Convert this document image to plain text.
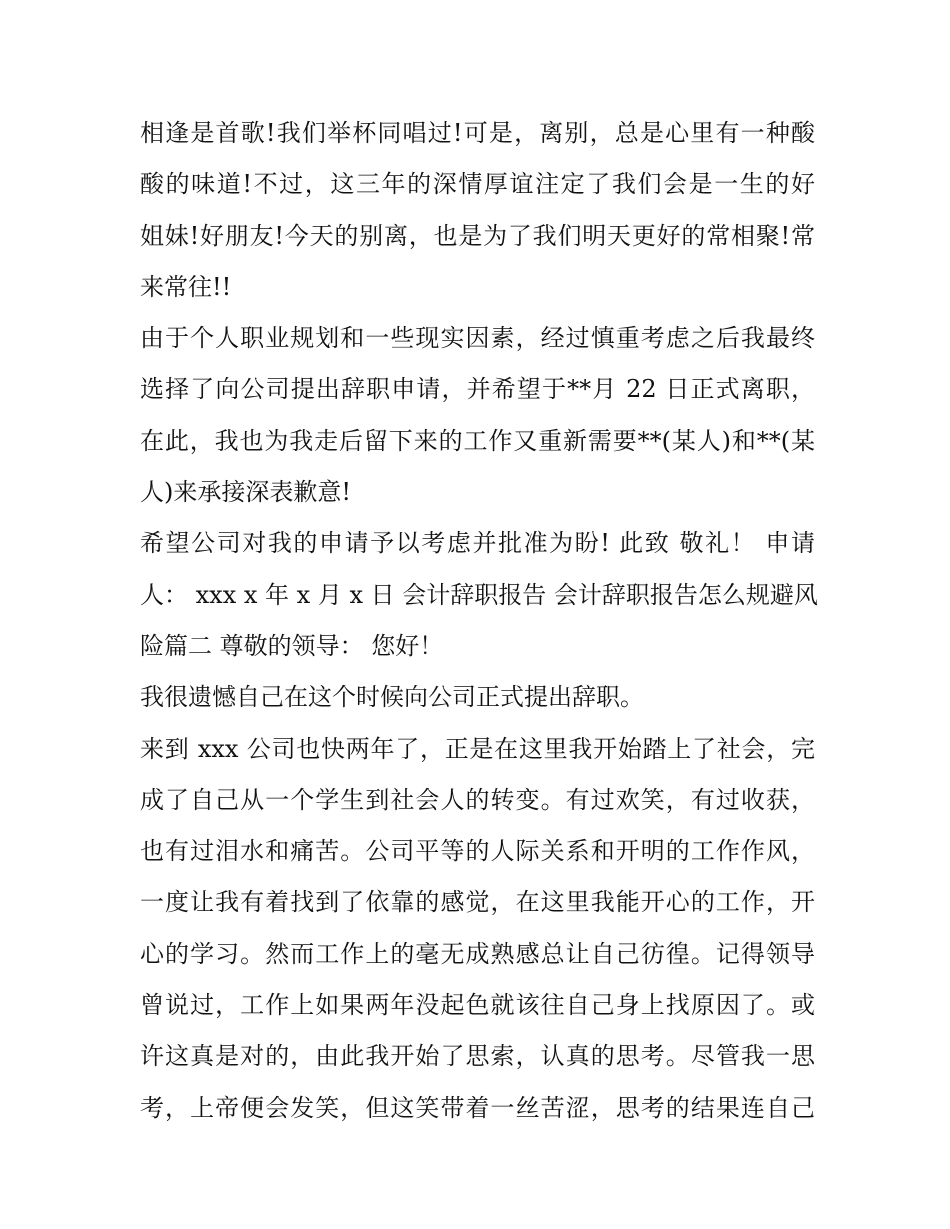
相逢是首歌!我们举杯同唱过!可是，离别，总是心里有一种酸
酸的味道!不过，这三年的深情厚谊注定了我们会是一生的好
姐妹!好朋友!今天的别离，也是为了我们明天更好的常相聚!常
来常往!!
由于个人职业规划和一些现实因素，经过慎重考虑之后我最终
选择了向公司提出辞职申请，并希望于**月 22 日正式离职，
在此，我也为我走后留下来的工作又重新需要**(某人)和**(某
人)来承接深表歉意!
希望公司对我的申请予以考虑并批准为盼! 此致 敬礼！ 申请
人： xxx x 年 x 月 x 日 会计辞职报告 会计辞职报告怎么规避风
险篇二 尊敬的领导： 您好！
我很遗憾自己在这个时候向公司正式提出辞职。
来到 xxx 公司也快两年了，正是在这里我开始踏上了社会，完
成了自己从一个学生到社会人的转变。有过欢笑，有过收获，
也有过泪水和痛苦。公司平等的人际关系和开明的工作作风，
一度让我有着找到了依靠的感觉，在这里我能开心的工作，开
心的学习。然而工作上的毫无成熟感总让自己彷徨。记得领导
曾说过，工作上如果两年没起色就该往自己身上找原因了。或
许这真是对的，由此我开始了思索，认真的思考。尽管我一思
考，上帝便会发笑，但这笑带着一丝苦涩，思考的结果连自己
